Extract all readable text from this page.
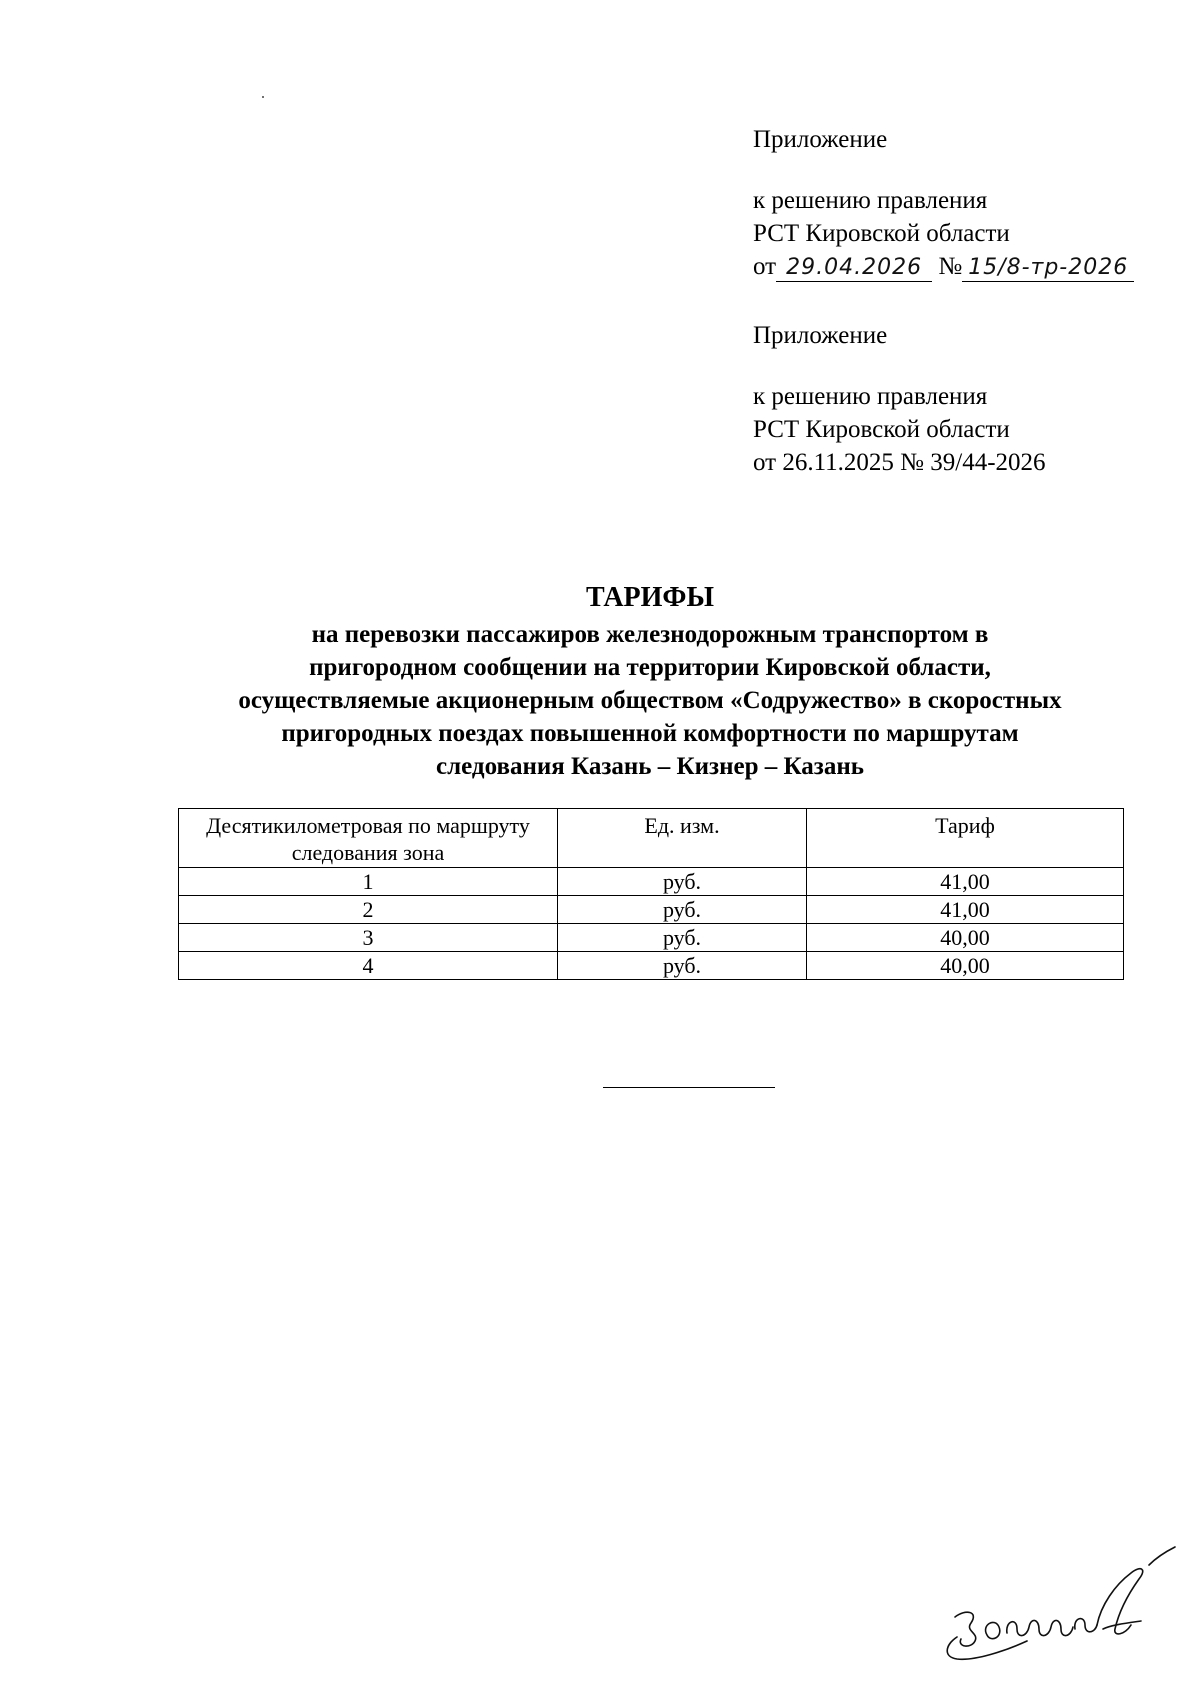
Приложение
к решению правления
РСТ Кировской области
от 29.04.2026 № 15/8-тр-2026
Приложение
к решению правления
РСТ Кировской области
от 26.11.2025 № 39/44-2026
ТАРИФЫ
на перевозки пассажиров железнодорожным транспортом в
пригородном сообщении на территории Кировской области,
осуществляемые акционерным обществом «Содружество» в скоростных
пригородных поездах повышенной комфортности по маршрутам
следования Казань – Кизнер – Казань
Десятикилометровая по маршруту
следования зона	Ед. изм.	Тариф
1	руб.	41,00
2	руб.	41,00
3	руб.	40,00
4	руб.	40,00
